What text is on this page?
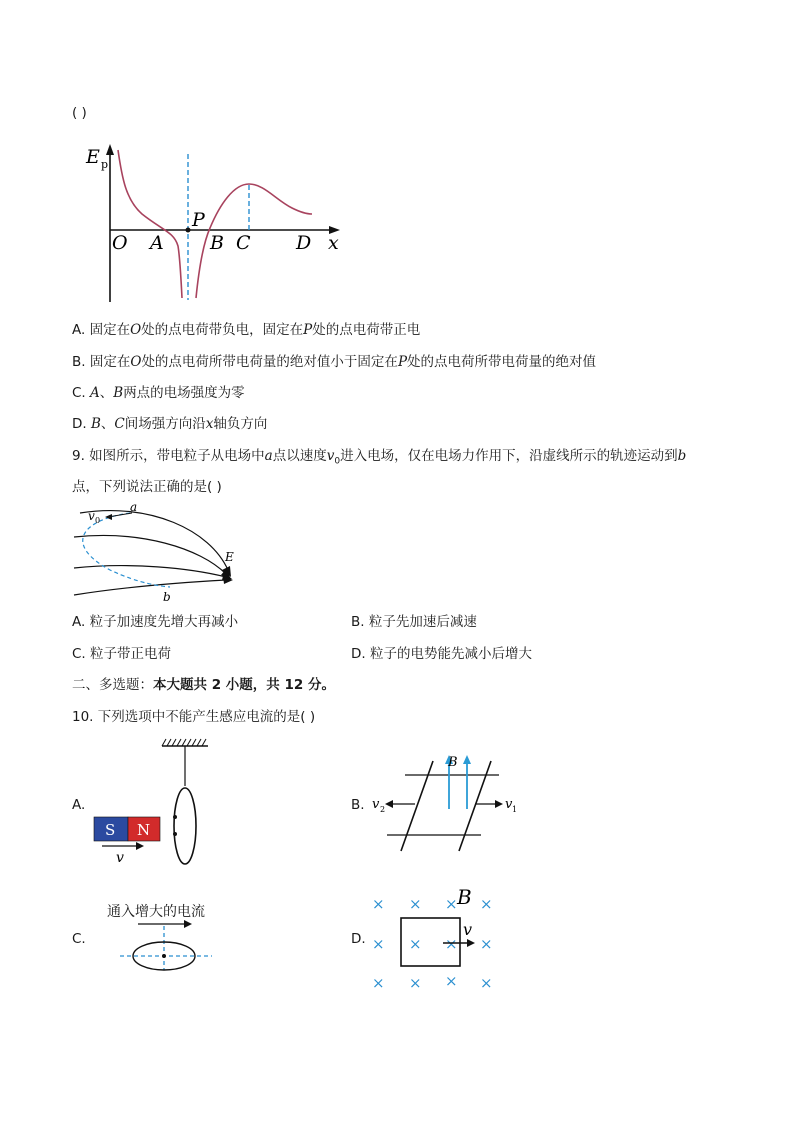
( )
E p
O A
P
B C D x
A. 固定在O处的点电荷带负电，固定在P处的点电荷带正电
B. 固定在O处的点电荷所带电荷量的绝对值小于固定在P处的点电荷所带电荷量的绝对值
C. A、B两点的电场强度为零
D. B、C间场强方向沿x轴负方向
9. 如图所示，带电粒子从电场中a点以速度$v_0$进入电场，仅在电场力作用下，沿虚线所示的轨迹运动到b
点，下列说法正确的是( )
v 0
a
E
b
A. 粒子加速度先增大再减小	B. 粒子先加速后减速
C. 粒子带正电荷	D. 粒子的电势能先减小后增大
二、多选题：本大题共 2 小题，共 12 分。
10. 下列选项中不能产生感应电流的是( )
A.
S N
v
B.
B
v 2	v 1
C.
通入增大的电流
D.
× × × ×
× × × ×
× × × ×
B
v
